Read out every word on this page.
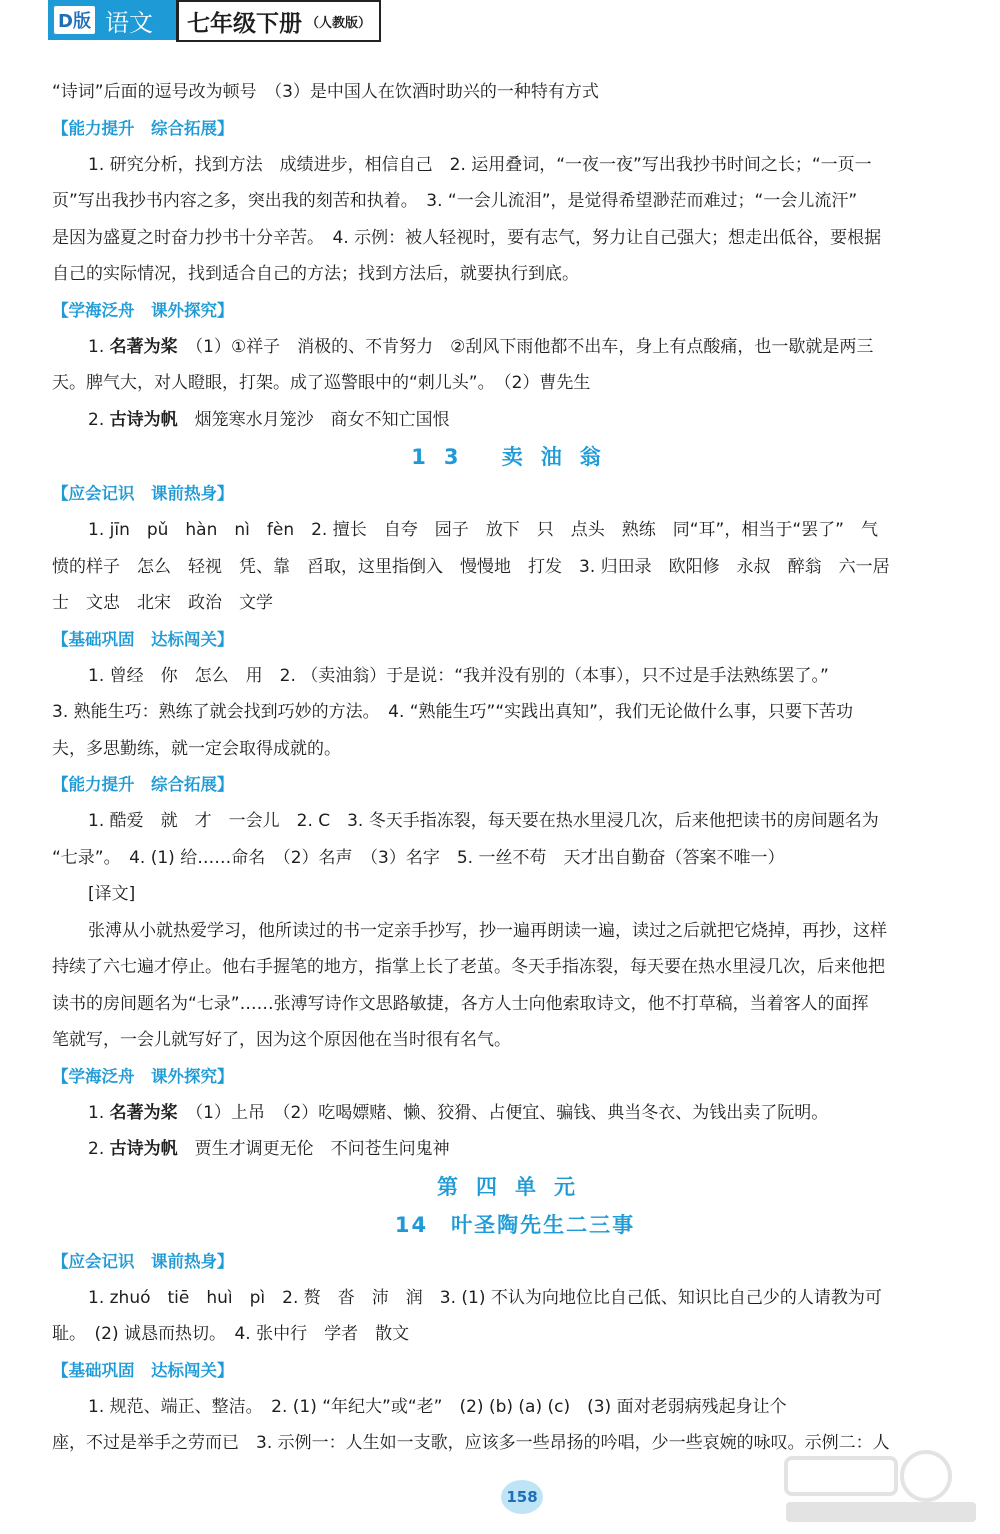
D版 语文 七年级下册 （人教版）
“诗词”后面的逗号改为顿号　（3）是中国人在饮酒时助兴的一种特有方式
【能力提升　综合拓展】
1. 研究分析，找到方法　成绩进步，相信自己　2. 运用叠词，“一夜一夜”写出我抄书时间之长；“一页一
页”写出我抄书内容之多，突出我的刻苦和执着。　3. “一会儿流泪”，是觉得希望渺茫而难过；“一会儿流汗”
是因为盛夏之时奋力抄书十分辛苦。　4. 示例：被人轻视时，要有志气，努力让自己强大；想走出低谷，要根据
自己的实际情况，找到适合自己的方法；找到方法后，就要执行到底。
【学海泛舟　课外探究】
1. 名著为桨　（1）①祥子　消极的、不肯努力　②刮风下雨他都不出车，身上有点酸痛，也一歇就是两三
天。脾气大，对人瞪眼，打架。成了巡警眼中的“刺儿头”。　（2）曹先生
2. 古诗为帆　烟笼寒水月笼沙　商女不知亡国恨
13 卖油翁
【应会记识　课前热身】
1. jīn　pǔ　hàn　nì　fèn　2. 擅长　自夸　园子　放下　只　点头　熟练　同“耳”，相当于“罢了”　气
愤的样子　怎么　轻视　凭、靠　舀取，这里指倒入　慢慢地　打发　3. 归田录　欧阳修　永叔　醉翁　六一居
士　文忠　北宋　政治　文学
【基础巩固　达标闯关】
1. 曾经　你　怎么　用　2. （卖油翁）于是说：“我并没有别的（本事），只不过是手法熟练罢了。”
3. 熟能生巧：熟练了就会找到巧妙的方法。　4. “熟能生巧”“实践出真知”，我们无论做什么事，只要下苦功
夫，多思勤练，就一定会取得成就的。
【能力提升　综合拓展】
1. 酷爱　就　才　一会儿　2. C　3. 冬天手指冻裂，每天要在热水里浸几次，后来他把读书的房间题名为
“七录”。　4. (1) 给……命名　（2）名声　（3）名字　5. 一丝不苟　天才出自勤奋（答案不唯一）
[译文]
张溥从小就热爱学习，他所读过的书一定亲手抄写，抄一遍再朗读一遍，读过之后就把它烧掉，再抄，这样
持续了六七遍才停止。他右手握笔的地方，指掌上长了老茧。冬天手指冻裂，每天要在热水里浸几次，后来他把
读书的房间题名为“七录”……张溥写诗作文思路敏捷，各方人士向他索取诗文，他不打草稿，当着客人的面挥
笔就写，一会儿就写好了，因为这个原因他在当时很有名气。
【学海泛舟　课外探究】
1. 名著为桨　（1）上吊　（2）吃喝嫖赌、懒、狡猾、占便宜、骗钱、典当冬衣、为钱出卖了阮明。
2. 古诗为帆　贾生才调更无伦　不问苍生问鬼神
第四单元
14　叶圣陶先生二三事
【应会记识　课前热身】
1. zhuó　tiē　huì　pì　2. 赘　沓　沛　润　3. (1) 不认为向地位比自己低、知识比自己少的人请教为可
耻。　(2) 诚恳而热切。　4. 张中行　学者　散文
【基础巩固　达标闯关】
1. 规范、端正、整洁。　2. (1) “年纪大”或“老”　(2) (b) (a) (c)　(3) 面对老弱病残起身让个
座，不过是举手之劳而已　3. 示例一：人生如一支歌，应该多一些昂扬的吟唱，少一些哀婉的咏叹。示例二：人
158
